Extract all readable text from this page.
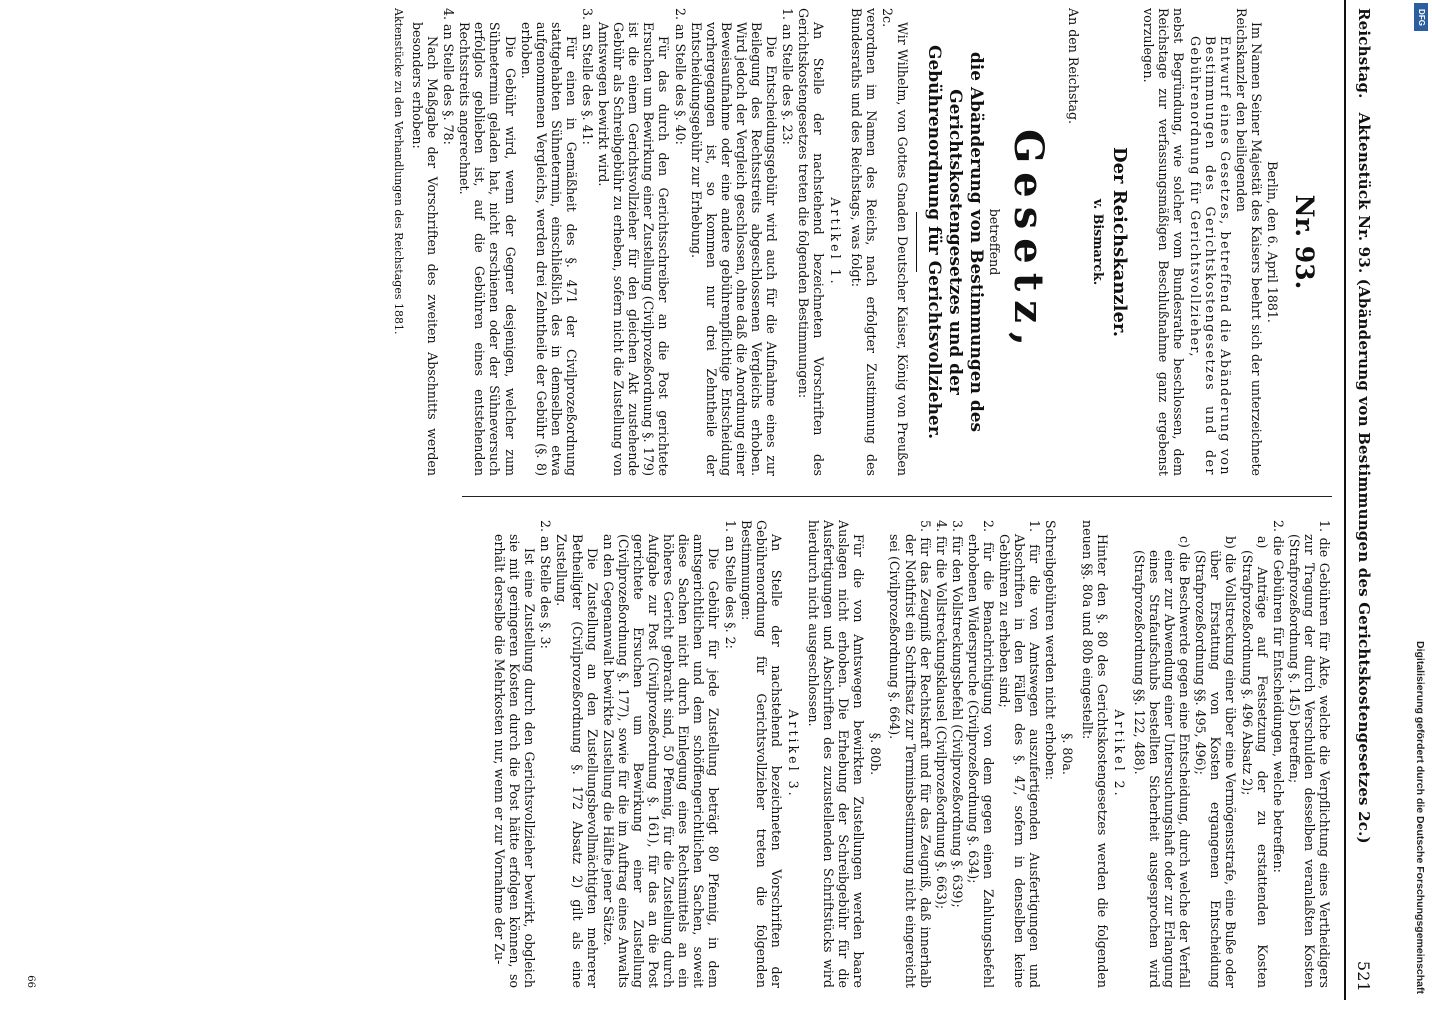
Reichstag.
Aktenstück Nr. 93. (Abänderung von Bestimmungen des Gerichtskostengesetzes 2c.)
521

Nr. 93.

Berlin, den 6. April 1881.

Im Namen Seiner Majestät des Kaisers beehrt sich der unterzeichnete Reichskanzler den beiliegenden

Entwurf eines Gesetzes, betreffend die Abänderung von Bestimmungen des Gerichtskostengesetzes und der Gebührenordnung für Gerichtsvollzieher,

nebst Begründung, wie solcher vom Bundesrathe beschlossen, dem Reichstage zur verfassungsmäßigen Beschlußnahme ganz ergebenst vorzulegen.

Der Reichskanzler.

v. Bismarck.

An den Reichstag.

Gesetz,

betreffend

die Abänderung von Bestimmungen des Gerichtskostengesetzes und der Gebührenordnung für Gerichtsvollzieher.

Wir Wilhelm, von Gottes Gnaden Deutscher Kaiser, König von Preußen 2c.

verordnen im Namen des Reichs, nach erfolgter Zustimmung des Bundesraths und des Reichstags, was folgt:

Artikel 1.

An Stelle der nachstehend bezeichneten Vorschriften des Gerichtskostengesetzes treten die folgenden Bestimmungen:

1. an Stelle des §. 23:

Die Entscheidungsgebühr wird auch für die Aufnahme eines zur Beilegung des Rechtsstreits abgeschlossenen Vergleichs erhoben. Wird jedoch der Vergleich geschlossen, ohne daß die Anordnung einer Beweisaufnahme oder eine andere gebührenpflichtige Entscheidung vorhergegangen ist, so kommen nur drei Zehntheile der Entscheidungsgebühr zur Erhebung.

2. an Stelle des §. 40:

Für das durch den Gerichtsschreiber an die Post gerichtete Ersuchen um Bewirkung einer Zustellung (Civilprozeßordnung §. 179) ist die einem Gerichtsvollzieher für den gleichen Akt zustehende Gebühr als Schreibgebühr zu erheben, sofern nicht die Zustellung von Amtswegen bewirkt wird.

3. an Stelle des §. 41:

Für einen in Gemäßheit des §. 471 der Civilprozeßordnung stattgehabten Sühnetermin, einschließlich des in demselben etwa aufgenommenen Vergleichs, werden drei Zehntheile der Gebühr (§. 8) erhoben.

Die Gebühr wird, wenn der Gegner desjenigen, welcher zum Sühnetermin geladen hat, nicht erschienen oder der Sühneversuch erfolglos geblieben ist, auf die Gebühren eines entstehenden Rechtsstreits angerechnet.

4. an Stelle des §. 78:

Nach Maßgabe der Vorschriften des zweiten Abschnitts werden besonders erhoben:

Aktenstücke zu den Verhandlungen des Reichstages 1881.

1. die Gebühren für Akte, welche die Verpflichtung eines Vertheidigers zur Tragung der durch Verschulden desselben veranlaßten Kosten (Strafprozeßordnung §. 145) betreffen;

2. die Gebühren für Entscheidungen, welche betreffen:

a) Anträge auf Festsetzung der zu erstattenden Kosten (Strafprozeßordnung §. 496 Absatz 2);

b) die Vollstreckung einer über eine Vermögensstrafe, eine Buße oder über Erstattung von Kosten ergangenen Entscheidung (Strafprozeßordnung §§. 495, 496);

c) die Beschwerde gegen eine Entscheidung, durch welche der Verfall einer zur Abwendung einer Untersuchungshaft oder zur Erlangung eines Strafaufschubs bestellten Sicherheit ausgesprochen wird (Strafprozeßordnung §§. 122, 488).

Artikel 2.

Hinter den §. 80 des Gerichtskostengesetzes werden die folgenden neuen §§. 80a und 80b eingestellt:

§. 80a.

Schreibgebühren werden nicht erhoben:

1. für die von Amtswegen auszufertigenden Ausfertigungen und Abschriften in den Fällen des §. 47, sofern in denselben keine Gebühren zu erheben sind;

2. für die Benachrichtigung von dem gegen einen Zahlungsbefehl erhobenen Widerspruche (Civilprozeßordnung §. 634);

3. für den Vollstreckungsbefehl (Civilprozeßordnung §. 639);

4. für die Vollstreckungsklausel (Civilprozeßordnung §. 663);

5. für das Zeugniß der Rechtskraft und für das Zeugniß, daß innerhalb der Nothfrist ein Schriftsatz zur Terminsbestimmung nicht eingereicht sei (Civilprozeßordnung §. 664).

§. 80b.

Für die von Amtswegen bewirkten Zustellungen werden baare Auslagen nicht erhoben. Die Erhebung der Schreibgebühr für die Ausfertigungen und Abschriften des zuzustellenden Schriftstücks wird hierdurch nicht ausgeschlossen.

Artikel 3.

An Stelle der nachstehend bezeichneten Vorschriften der Gebührenordnung für Gerichtsvollzieher treten die folgenden Bestimmungen:

1. an Stelle des §. 2:

Die Gebühr für jede Zustellung beträgt 80 Pfennig, in dem amtsgerichtlichen und dem schöffengerichtlichen Sachen, soweit diese Sachen nicht durch Einlegung eines Rechtsmittels an ein höheres Gericht gebracht sind, 50 Pfennig, für die Zustellung durch Aufgabe zur Post (Civilprozeßordnung §. 161), für das an die Post gerichtete Ersuchen um Bewirkung einer Zustellung (Civilprozeßordnung §. 177), sowie für die im Auftrag eines Anwalts an den Gegenanwalt bewirkte Zustellung die Hälfte jener Sätze.

Die Zustellung an den Zustellungsbevollmächtigten mehrerer Betheiligter (Civilprozeßordnung §. 172 Absatz 2) gilt als eine Zustellung.

2. an Stelle des §. 3:

Ist eine Zustellung durch den Gerichtsvollzieher bewirkt, obgleich sie mit geringeren Kosten durch die Post hätte erfolgen können, so erhält derselbe die Mehrkosten nur, wenn er zur Vornahme der Zu-

66	Digitalisierung gefördert durch die Deutsche Forschungsgemeinschaft
DFG
